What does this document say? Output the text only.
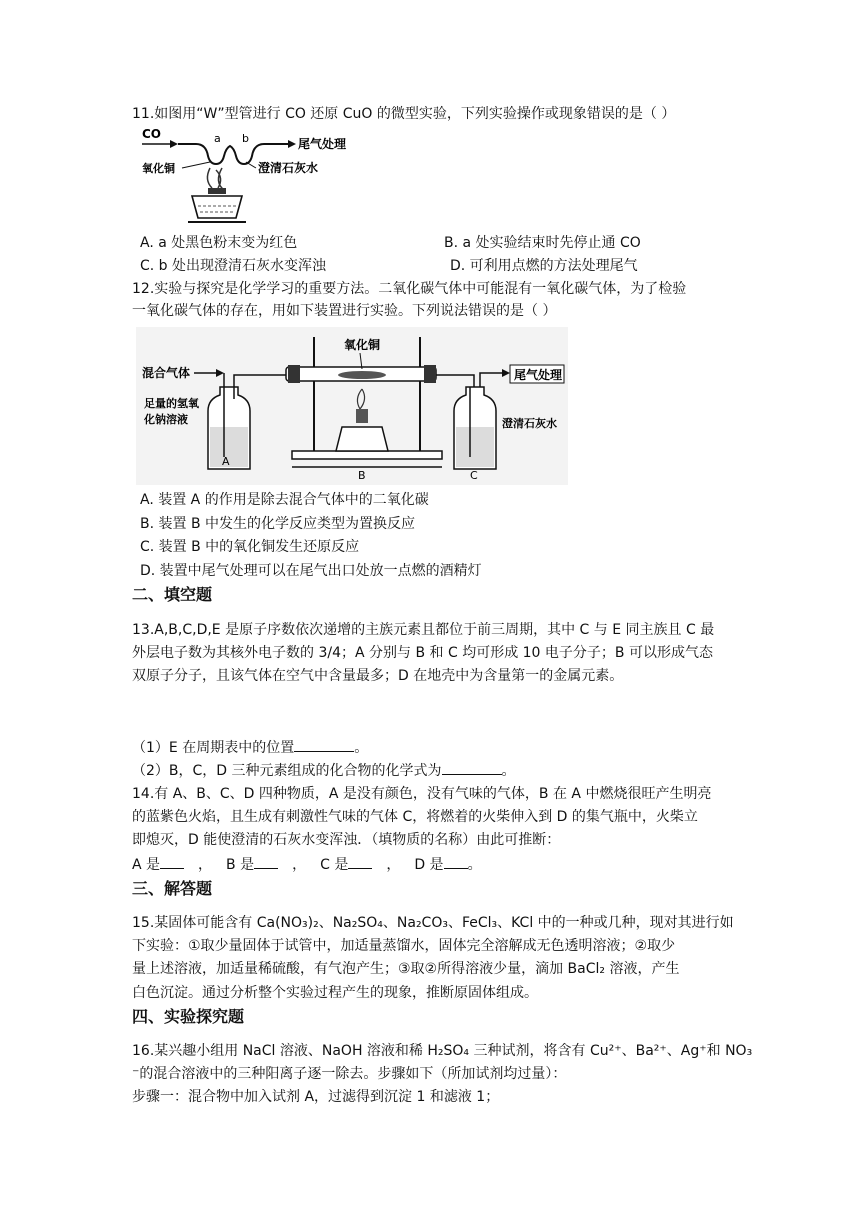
11.如图用“W”型管进行 CO 还原 CuO 的微型实验，下列实验操作或现象错误的是（ ）
CO	a b	尾气处理
氧化铜	澄清石灰水
A. a 处黑色粉末变为红色	B. a 处实验结束时先停止通 CO
C. b 处出现澄清石灰水变浑浊	D. 可利用点燃的方法处理尾气
12.实验与探究是化学学习的重要方法。二氧化碳气体中可能混有一氧化碳气体，为了检验
一氧化碳气体的存在，用如下装置进行实验。下列说法错误的是（ ）
混合气体
足量的氢氧
化钠溶液
A
氧化铜
B
尾气处理
澄清石灰水
C
A. 装置 A 的作用是除去混合气体中的二氧化碳
B. 装置 B 中发生的化学反应类型为置换反应
C. 装置 B 中的氧化铜发生还原反应
D. 装置中尾气处理可以在尾气出口处放一点燃的酒精灯
二、填空题
13.A,B,C,D,E 是原子序数依次递增的主族元素且都位于前三周期，其中 C 与 E 同主族且 C 最
外层电子数为其核外电子数的 3/4；A 分别与 B 和 C 均可形成 10 电子分子；B 可以形成气态
双原子分子，且该气体在空气中含量最多；D 在地壳中为含量第一的金属元素。
（1）E 在周期表中的位置	。
（2）B，C，D 三种元素组成的化合物的化学式为	。
14.有 A、B、C、D 四种物质，A 是没有颜色，没有气味的气体，B 在 A 中燃烧很旺产生明亮
的蓝紫色火焰，且生成有刺激性气味的气体 C，将燃着的火柴伸入到 D 的集气瓶中，火柴立
即熄灭，D 能使澄清的石灰水变浑浊．（填物质的名称）由此可推断：
A 是	， B 是	， C 是	， D 是 。
三、解答题
15.某固体可能含有 Ca(NO₃)₂、Na₂SO₄、Na₂CO₃、FeCl₃、KCl 中的一种或几种，现对其进行如
下实验：①取少量固体于试管中，加适量蒸馏水，固体完全溶解成无色透明溶液；②取少
量上述溶液，加适量稀硫酸，有气泡产生；③取②所得溶液少量，滴加 BaCl₂ 溶液，产生
白色沉淀。通过分析整个实验过程产生的现象，推断原固体组成。
四、实验探究题
16.某兴趣小组用 NaCl 溶液、NaOH 溶液和稀 H₂SO₄ 三种试剂，将含有 Cu²⁺、Ba²⁺、Ag⁺和 NO₃
⁻的混合溶液中的三种阳离子逐一除去。步骤如下（所加试剂均过量）：
步骤一：混合物中加入试剂 A，过滤得到沉淀 1 和滤液 1；
